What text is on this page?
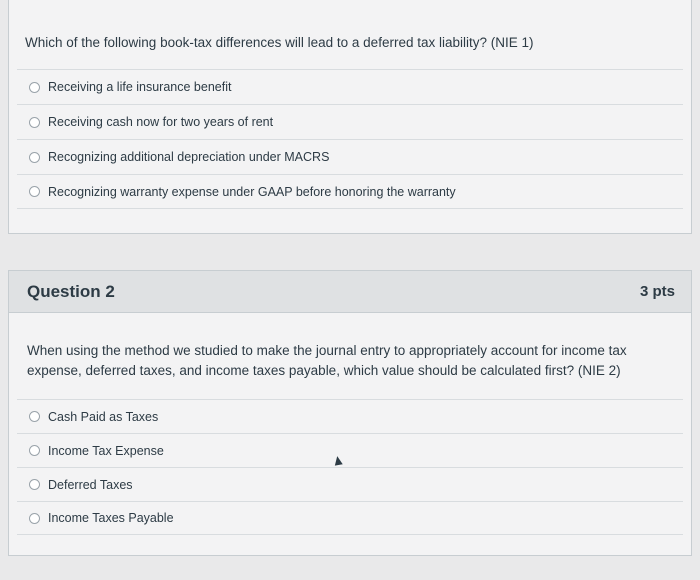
Which of the following book-tax differences will lead to a deferred tax liability? (NIE 1)
Receiving a life insurance benefit
Receiving cash now for two years of rent
Recognizing additional depreciation under MACRS
Recognizing warranty expense under GAAP before honoring the warranty
Question 2	3 pts
When using the method we studied to make the journal entry to appropriately account for income tax expense, deferred taxes, and income taxes payable, which value should be calculated first? (NIE 2)
Cash Paid as Taxes
Income Tax Expense
Deferred Taxes
Income Taxes Payable
